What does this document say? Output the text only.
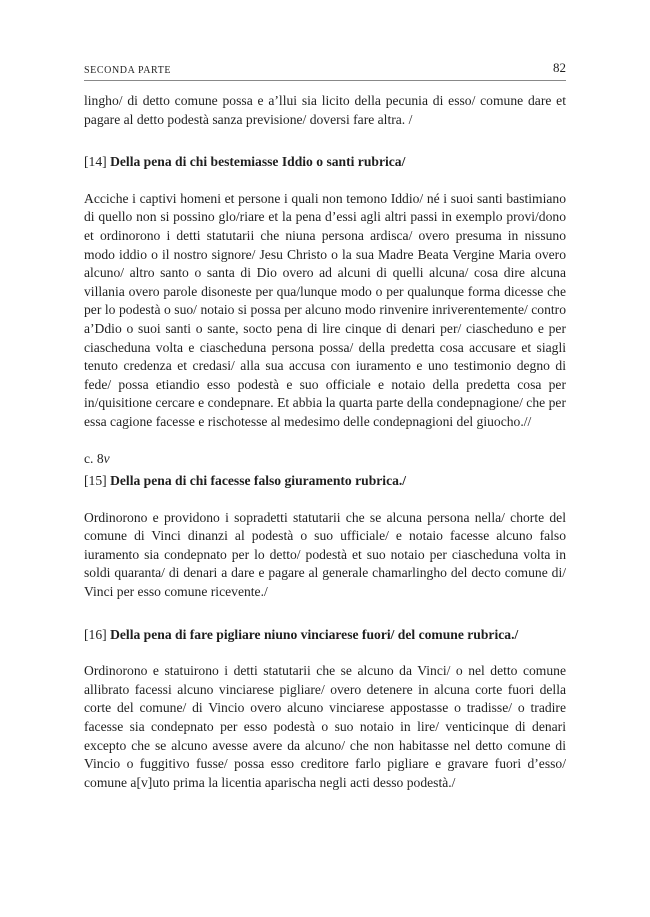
SECONDA PARTE	82

lingho/ di detto comune possa e a’llui sia licito della pecunia di esso/ comune dare et pagare al detto podestà sanza previsione/ doversi fare altra. /

[14] Della pena di chi bestemiasse Iddio o santi rubrica/

Acciche i captivi homeni et persone i quali non temono Iddio/ né i suoi santi bastimiano di quello non si possino glo/riare et la pena d’essi agli altri passi in exemplo provi/dono et ordinorono i detti statutarii che niuna persona ardisca/ overo presuma in nissuno modo iddio o il nostro signore/ Jesu Christo o la sua Madre Beata Vergine Maria overo alcuno/ altro santo o santa di Dio overo ad alcuni di quelli alcuna/ cosa dire alcuna villania overo parole disoneste per qua/lunque modo o per qualunque forma dicesse che per lo podestà o suo/ notaio si possa per alcuno modo rinvenire inriverentemente/ contro a’Ddio o suoi santi o sante, socto pena di lire cinque di denari per/ ciaschedunо e per ciascheduna volta e ciascheduna persona possa/ della predetta cosa accusare et siagli tenuto credenza et credasi/ alla sua accusa con iuramento e uno testimonio degno di fede/ possa etiandio esso podestà e suo officiale e notaio della predetta cosa per in/quisitione cercare e condepnare. Et abbia la quarta parte della condepnagione/ che per essa cagione facesse e rischotesse al medesimo delle condepnagioni del giuocho.//

c. 8v
[15] Della pena di chi facesse falso giuramento rubrica./

Ordinorono e providono i sopradetti statutarii che se alcuna persona nella/ chorte del comune di Vinci dinanzi al podestà o suo ufficiale/ e notaio facesse alcuno falso iuramento sia condepnato per lo detto/ podestà et suo notaio per ciascheduna volta in soldi quaranta/ di denari a dare e pagare al generale chamarlingho del decto comune di/ Vinci per esso comune ricevente./

[16] Della pena di fare pigliare niuno vinciarese fuori/ del comune rubrica./

Ordinorono e statuirono i detti statutarii che se alcuno da Vinci/ o nel detto comune allibrato facessi alcuno vinciarese pigliare/ overo detenere in alcuna corte fuori della corte del comune/ di Vincio overo alcuno vinciarese appostasse o tradisse/ o tradire facesse sia condepnato per esso podestà o suo notaio in lire/ venticinque di denari excepto che se alcuno avesse avere da alcuno/ che non habitasse nel detto comune di Vincio o fuggitivo fusse/ possa esso creditore farlo pigliare e gravare fuori d’esso/ comune a[v]uto prima la licentia aparischa negli acti desso podestà./
